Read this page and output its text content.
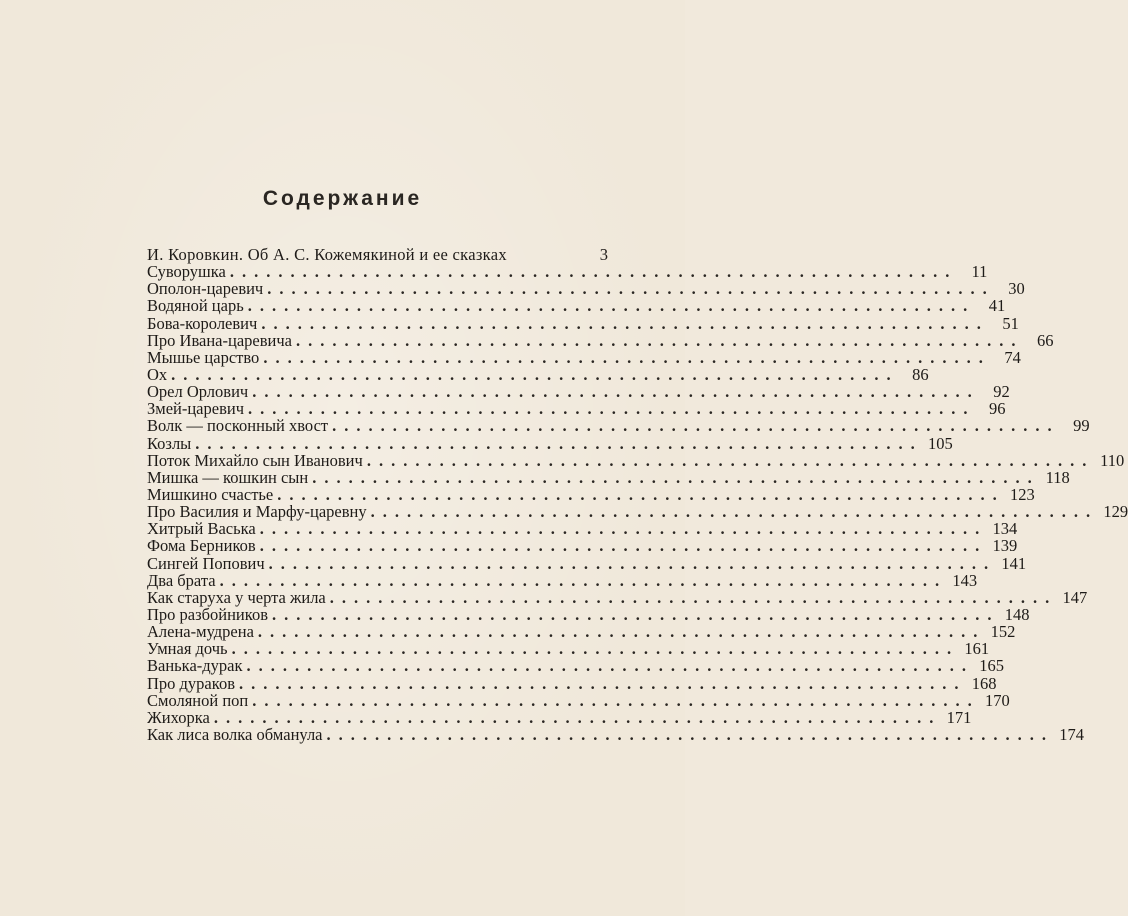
Содержание
И. Коровкин. Об А. С. Кожемякиной и ее сказках	3
Суворушка ............................................................ 11
Ополон-царевич ............................................................ 30
Водяной царь ............................................................ 41
Бова-королевич ............................................................ 51
Про Ивана-царевича ............................................................ 66
Мышье царство ............................................................ 74
Ох ............................................................ 86
Орел Орлович ............................................................ 92
Змей-царевич ............................................................ 96
Волк — посконный хвост ............................................................ 99
Козлы ............................................................ 105
Поток Михайло сын Иванович ............................................................ 110
Мишка — кошкин сын ............................................................ 118
Мишкино счастье ............................................................ 123
Про Василия и Марфу-царевну ............................................................ 129
Хитрый Васька ............................................................ 134
Фома Берников ............................................................ 139
Сингей Попович ............................................................ 141
Два брата ............................................................ 143
Как старуха у черта жила ............................................................ 147
Про разбойников ............................................................ 148
Алена-мудрена ............................................................ 152
Умная дочь ............................................................ 161
Ванька-дурак ............................................................ 165
Про дураков ............................................................ 168
Смоляной поп ............................................................ 170
Жихорка ............................................................ 171
Как лиса волка обманула ............................................................ 174
